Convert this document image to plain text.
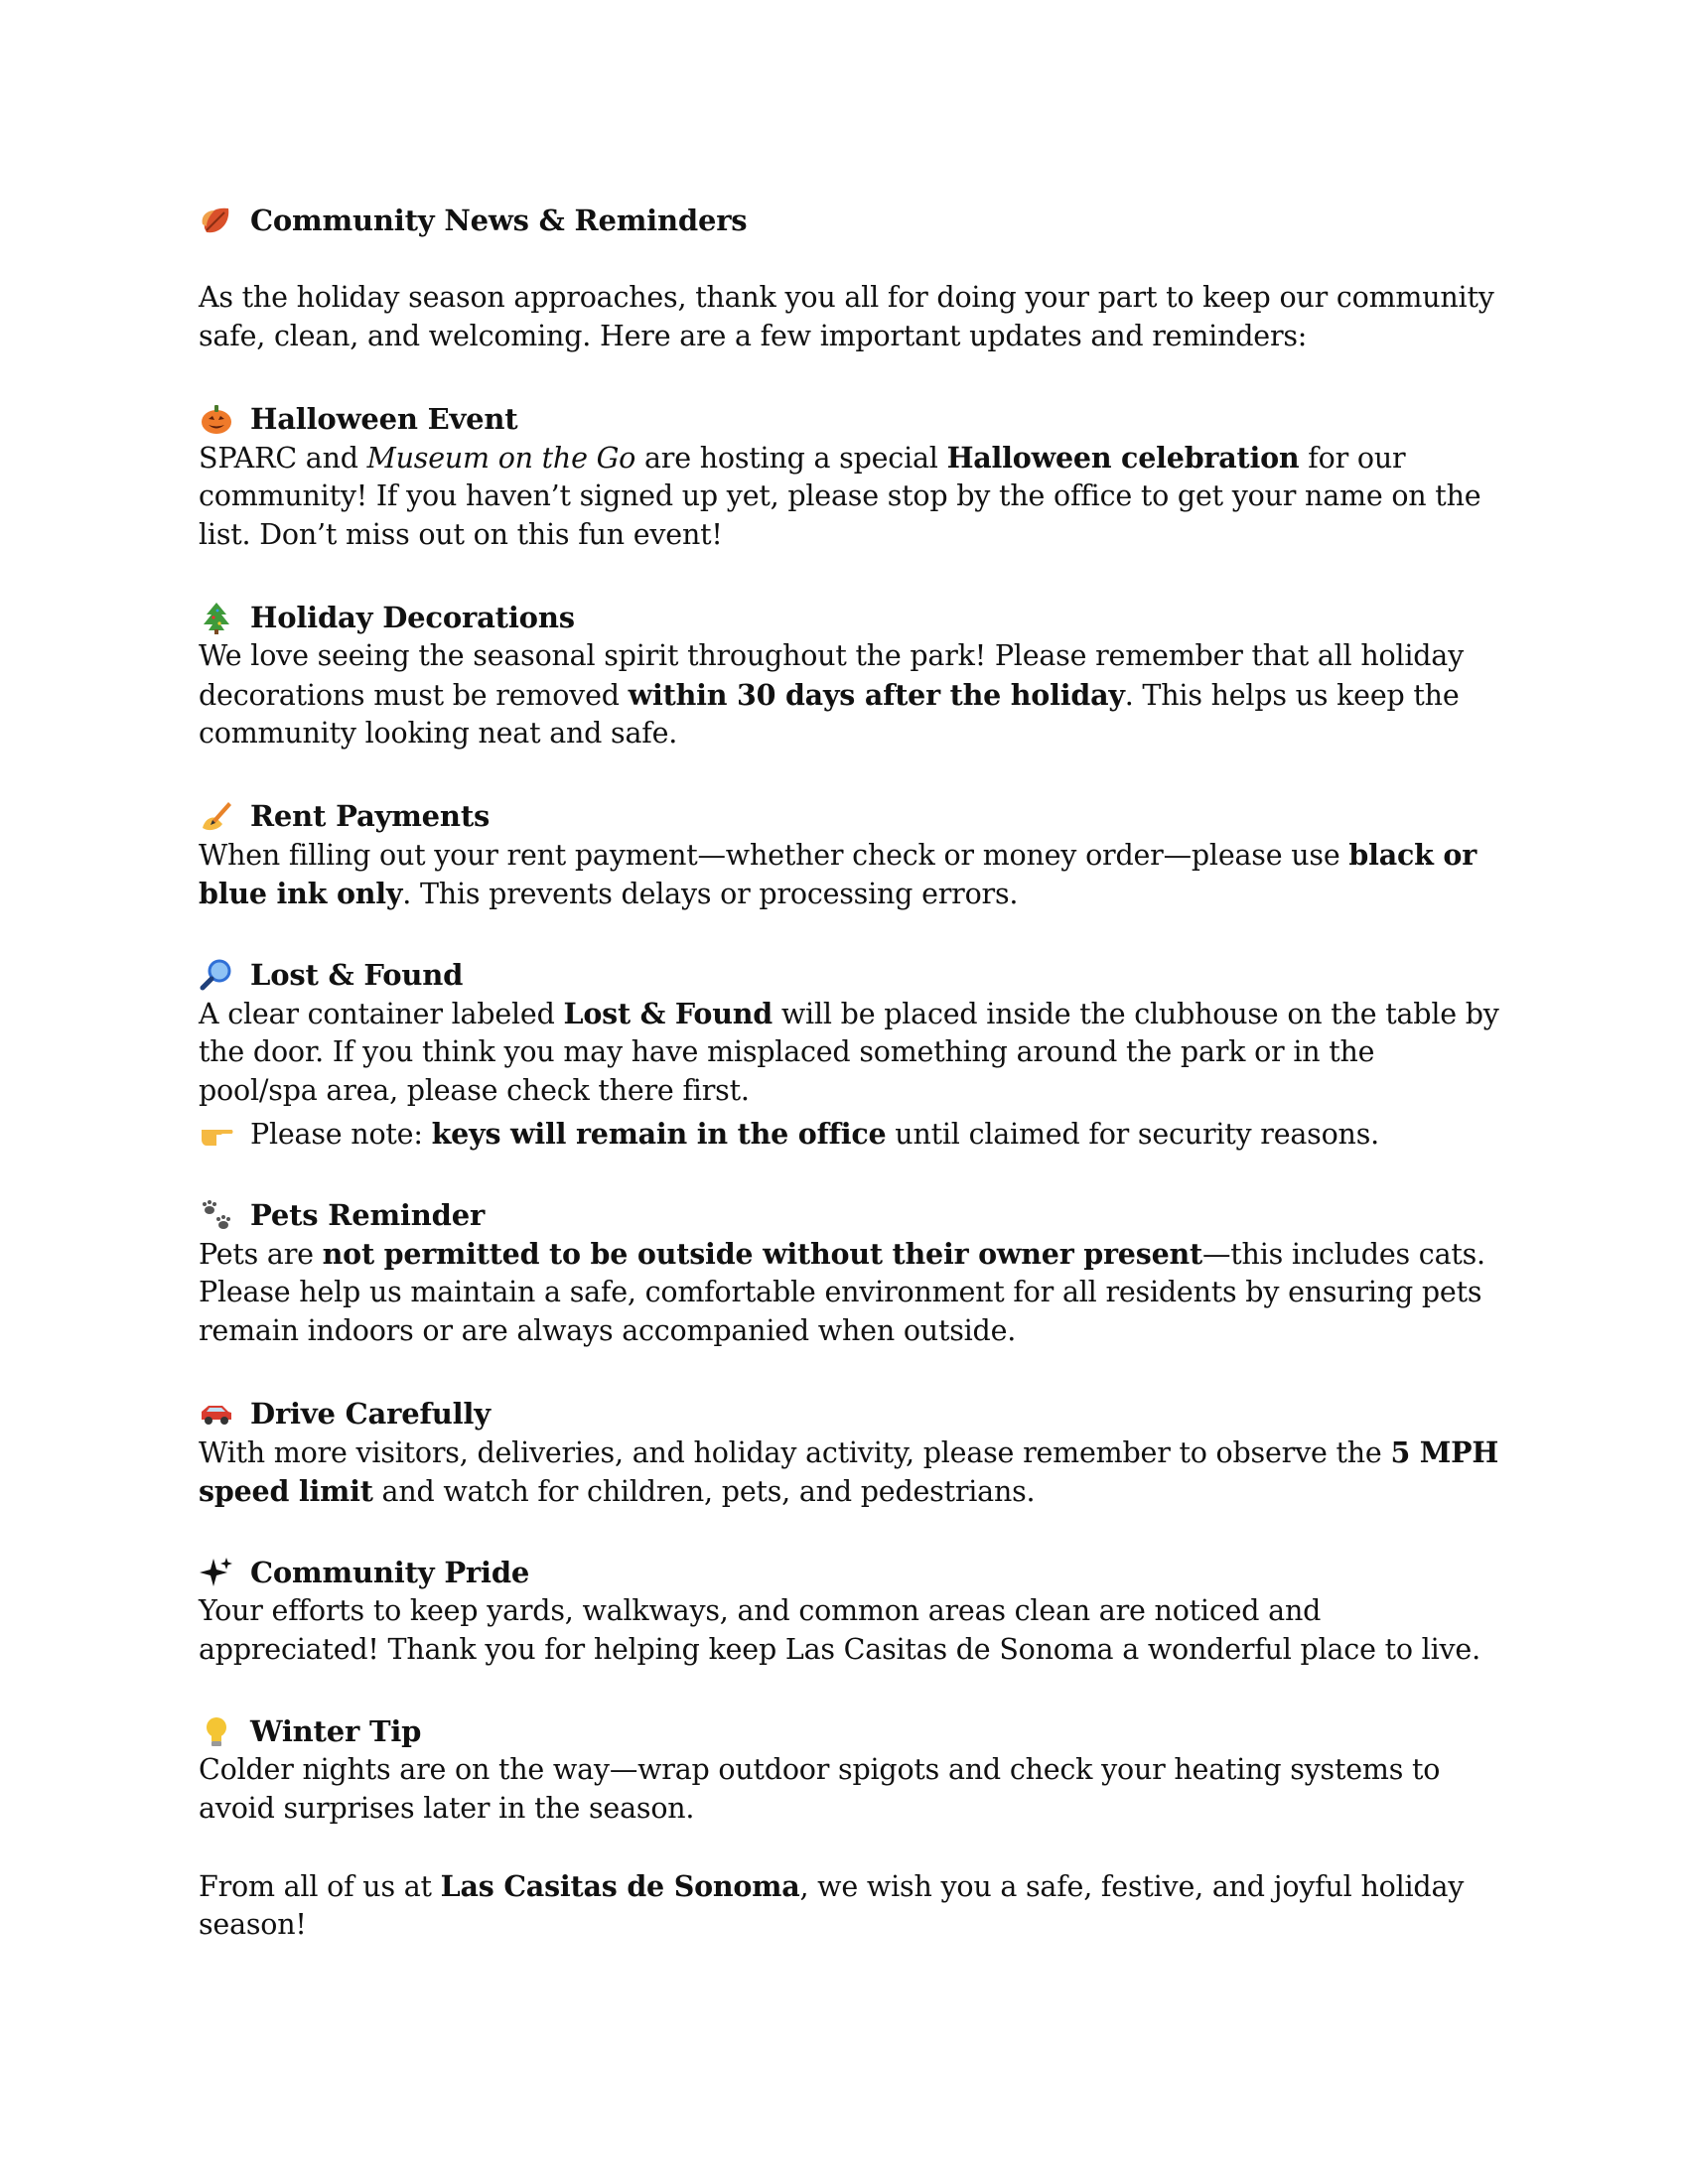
Community News & Reminders
As the holiday season approaches, thank you all for doing your part to keep our community
safe, clean, and welcoming. Here are a few important updates and reminders:
Halloween Event
SPARC and Museum on the Go are hosting a special Halloween celebration for our
community! If you haven’t signed up yet, please stop by the office to get your name on the
list. Don’t miss out on this fun event!
Holiday Decorations
We love seeing the seasonal spirit throughout the park! Please remember that all holiday
decorations must be removed within 30 days after the holiday. This helps us keep the
community looking neat and safe.
Rent Payments
When filling out your rent payment—whether check or money order—please use black or
blue ink only. This prevents delays or processing errors.
Lost & Found
A clear container labeled Lost & Found will be placed inside the clubhouse on the table by
the door. If you think you may have misplaced something around the park or in the
pool/spa area, please check there first.
Please note: keys will remain in the office until claimed for security reasons.
Pets Reminder
Pets are not permitted to be outside without their owner present—this includes cats.
Please help us maintain a safe, comfortable environment for all residents by ensuring pets
remain indoors or are always accompanied when outside.
Drive Carefully
With more visitors, deliveries, and holiday activity, please remember to observe the 5 MPH
speed limit and watch for children, pets, and pedestrians.
Community Pride
Your efforts to keep yards, walkways, and common areas clean are noticed and
appreciated! Thank you for helping keep Las Casitas de Sonoma a wonderful place to live.
Winter Tip
Colder nights are on the way—wrap outdoor spigots and check your heating systems to
avoid surprises later in the season.
From all of us at Las Casitas de Sonoma, we wish you a safe, festive, and joyful holiday
season!
